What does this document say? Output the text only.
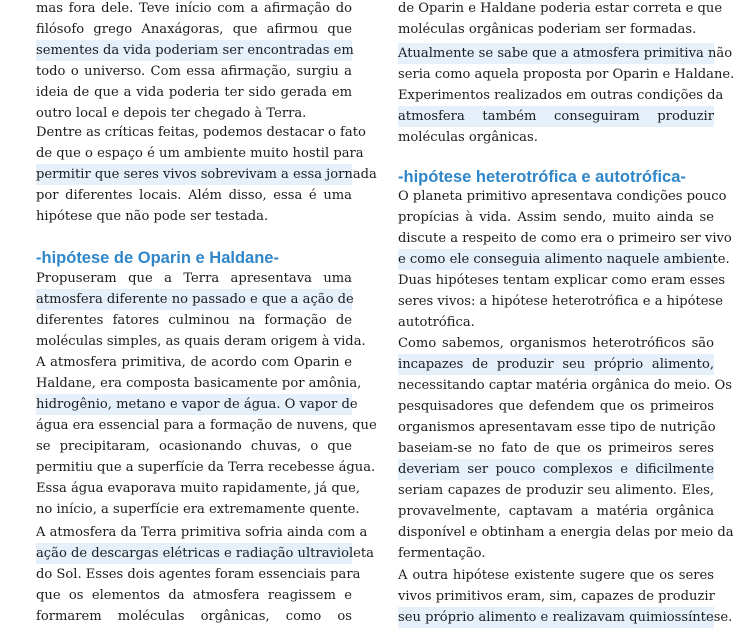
mas fora dele. Teve início com a afirmação do
filósofo grego Anaxágoras, que afirmou que
sementes da vida poderiam ser encontradas em
todo o universo. Com essa afirmação, surgiu a
ideia de que a vida poderia ter sido gerada em
outro local e depois ter chegado à Terra.
Dentre as críticas feitas, podemos destacar o fato
de que o espaço é um ambiente muito hostil para
permitir que seres vivos sobrevivam a essa jornada
por diferentes locais. Além disso, essa é uma
hipótese que não pode ser testada.
-hipótese de Oparin e Haldane-
Propuseram que a Terra apresentava uma
atmosfera diferente no passado e que a ação de
diferentes fatores culminou na formação de
moléculas simples, as quais deram origem à vida.
A atmosfera primitiva, de acordo com Oparin e
Haldane, era composta basicamente por amônia,
hidrogênio, metano e vapor de água. O vapor de
água era essencial para a formação de nuvens, que
se precipitaram, ocasionando chuvas, o que
permitiu que a superfície da Terra recebesse água.
Essa água evaporava muito rapidamente, já que,
no início, a superfície era extremamente quente.
A atmosfera da Terra primitiva sofria ainda com a
ação de descargas elétricas e radiação ultravioleta
do Sol. Esses dois agentes foram essenciais para
que os elementos da atmosfera reagissem e
formarem moléculas orgânicas, como os
de Oparin e Haldane poderia estar correta e que
moléculas orgânicas poderiam ser formadas.
Atualmente se sabe que a atmosfera primitiva não
seria como aquela proposta por Oparin e Haldane.
Experimentos realizados em outras condições da
atmosfera também conseguiram produzir
moléculas orgânicas.
-hipótese heterotrófica e autotrófica-
O planeta primitivo apresentava condições pouco
propícias à vida. Assim sendo, muito ainda se
discute a respeito de como era o primeiro ser vivo
e como ele conseguia alimento naquele ambiente.
Duas hipóteses tentam explicar como eram esses
seres vivos: a hipótese heterotrófica e a hipótese
autotrófica.
Como sabemos, organismos heterotróficos são
incapazes de produzir seu próprio alimento,
necessitando captar matéria orgânica do meio. Os
pesquisadores que defendem que os primeiros
organismos apresentavam esse tipo de nutrição
baseiam-se no fato de que os primeiros seres
deveriam ser pouco complexos e dificilmente
seriam capazes de produzir seu alimento. Eles,
provavelmente, captavam a matéria orgânica
disponível e obtinham a energia delas por meio da
fermentação.
A outra hipótese existente sugere que os seres
vivos primitivos eram, sim, capazes de produzir
seu próprio alimento e realizavam quimiossíntese.
